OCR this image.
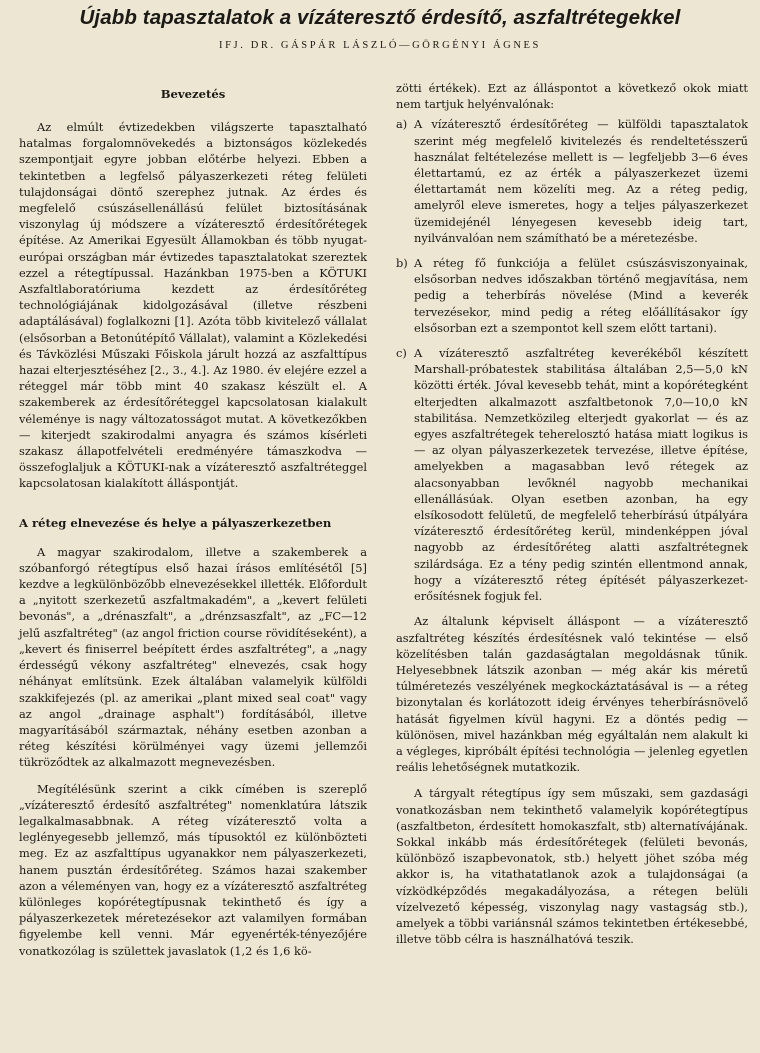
Újabb tapasztalatok a vízáteresztő érdesítő, aszfaltrétegekkel
IFJ. DR. GÁSPÁR LÁSZLÓ—GÖRGÉNYI ÁGNES
Bevezetés

Az elmúlt évtizedekben világszerte tapasztalható hatalmas forgalomnövekedés a biztonságos közlekedés szempontjait egyre jobban előtérbe helyezi. Ebben a tekintetben a legfelső pályaszerkezeti réteg felületi tulajdonságai döntő szerephez jutnak. Az érdes és megfelelő csúszásellenállású felület biztosításának viszonylag új módszere a vízáteresztő érdesítőrétegek építése. Az Amerikai Egyesült Államokban és több nyugat-európai országban már évtizedes tapasztalatokat szereztek ezzel a rétegtípussal. Hazánkban 1975-ben a KÖTUKI Aszfaltlaboratóriuma kezdett az érdesítőréteg technológiájának kidolgozásával (illetve részbeni adaptálásával) foglalkozni [1]. Azóta több kivitelező vállalat (elsősorban a Betonútépítő Vállalat), valamint a Közlekedési és Távközlési Műszaki Főiskola járult hozzá az aszfalttípus hazai elterjesztéséhez [2., 3., 4.]. Az 1980. év elejére ezzel a réteggel már több mint 40 szakasz készült el. A szakemberek az érdesítőréteggel kapcsolatosan kialakult véleménye is nagy változatosságot mutat. A következőkben — kiterjedt szakirodalmi anyagra és számos kísérleti szakasz állapotfelvételi eredményére támaszkodva — összefoglaljuk a KÖTUKI-nak a vízáteresztő aszfaltréteggel kapcsolatosan kialakított álláspontját.

A réteg elnevezése és helye a pályaszerkezetben

A magyar szakirodalom, illetve a szakemberek a szóbanforgó rétegtípus első hazai írásos említésétől [5] kezdve a legkülönbözőbb elnevezésekkel illették. Előfordult a „nyitott szerkezetű aszfaltmakadém", a „kevert felületi bevonás", a „drénaszfalt", a „drénzsaszfalt", az „FC—12 jelű aszfaltréteg" (az angol friction course rövidítéseként), a „kevert és finiserrel beépített érdes aszfaltréteg", a „nagy érdességű vékony aszfaltréteg" elnevezés, csak hogy néhányat említsünk. Ezek általában valamelyik külföldi szakkifejezés (pl. az amerikai „plant mixed seal coat" vagy az angol „drainage asphalt") fordításából, illetve magyarításából származtak, néhány esetben azonban a réteg készítési körülményei vagy üzemi jellemzői tükröződtek az alkalmazott megnevezésben.

Megítélésünk szerint a cikk címében is szereplő „vízáteresztő érdesítő aszfaltréteg" nomenklatúra látszik legalkalmasabbnak. A réteg vízáteresztő volta a leglényegesebb jellemző, más típusoktól ez különbözteti meg. Ez az aszfalttípus ugyanakkor nem pályaszerkezeti, hanem pusztán érdesítőréteg. Számos hazai szakember azon a véleményen van, hogy ez a vízáteresztő aszfaltréteg különleges kopórétegtípusnak tekinthető és így a pályaszerkezetek méretezésekor azt valamilyen formában figyelembe kell venni. Már egyenérték-tényezőjére vonatkozólag is születtek javaslatok (1,2 és 1,6 kö-

zötti értékek). Ezt az álláspontot a következő okok miatt nem tartjuk helyénvalónak:

a) A vízáteresztő érdesítőréteg — külföldi tapasztalatok szerint még megfelelő kivitelezés és rendeltetésszerű használat feltételezése mellett is — legfeljebb 3—6 éves élettartamú, ez az érték a pályaszerkezet üzemi élettartamát nem közelíti meg. Az a réteg pedig, amelyről eleve ismeretes, hogy a teljes pályaszerkezet üzemidejénél lényegesen kevesebb ideig tart, nyilvánvalóan nem számítható be a méretezésbe.
b) A réteg fő funkciója a felület csúszásviszonyainak, elsősorban nedves időszakban történő megjavítása, nem pedig a teherbírás növelése (Mind a keverék tervezésekor, mind pedig a réteg előállításakor így elsősorban ezt a szempontot kell szem előtt tartani).
c) A vízáteresztő aszfaltréteg keverékéből készített Marshall-próbatestek stabilitása általában 2,5—5,0 kN közötti érték. Jóval kevesebb tehát, mint a kopórétegként elterjedten alkalmazott aszfaltbetonok 7,0—10,0 kN stabilitása. Nemzetközileg elterjedt gyakorlat — és az egyes aszfaltrétegek teherelosztó hatása miatt logikus is — az olyan pályaszerkezetek tervezése, illetve építése, amelyekben a magasabban levő rétegek az alacsonyabban levőknél nagyobb mechanikai ellenállásúak. Olyan esetben azonban, ha egy elsíkosodott felületű, de megfelelő teherbírású útpályára vízáteresztő érdesítőréteg kerül, mindenképpen jóval nagyobb az érdesítőréteg alatti aszfaltrétegnek szilárdsága. Ez a tény pedig szintén ellentmond annak, hogy a vízáteresztő réteg építését pályaszerkezet-erősítésnek fogjuk fel.

Az általunk képviselt álláspont — a vízáteresztő aszfaltréteg készítés érdesítésnek való tekintése — első közelítésben talán gazdaságtalan megoldásnak tűnik. Helyesebbnek látszik azonban — még akár kis méretű túlméretezés veszélyének megkockáztatásával is — a réteg bizonytalan és korlátozott ideig érvényes teherbírásnövelő hatását figyelmen kívül hagyni. Ez a döntés pedig — különösen, mivel hazánkban még egyáltalán nem alakult ki a végleges, kipróbált építési technológia — jelenleg egyetlen reális lehetőségnek mutatkozik.

A tárgyalt rétegtípus így sem műszaki, sem gazdasági vonatkozásban nem tekinthető valamelyik kopórétegtípus (aszfaltbeton, érdesített homokaszfalt, stb) alternatívájának. Sokkal inkább más érdesítőrétegek (felületi bevonás, különböző iszapbevonatok, stb.) helyett jöhet szóba még akkor is, ha vitathatatlanok azok a tulajdonságai (a vízködképződés megakadályozása, a rétegen belüli vízelvezető képesség, viszonylag nagy vastagság stb.), amelyek a többi variánsnál számos tekintetben értékesebbé, illetve több célra is használhatóvá teszik.
